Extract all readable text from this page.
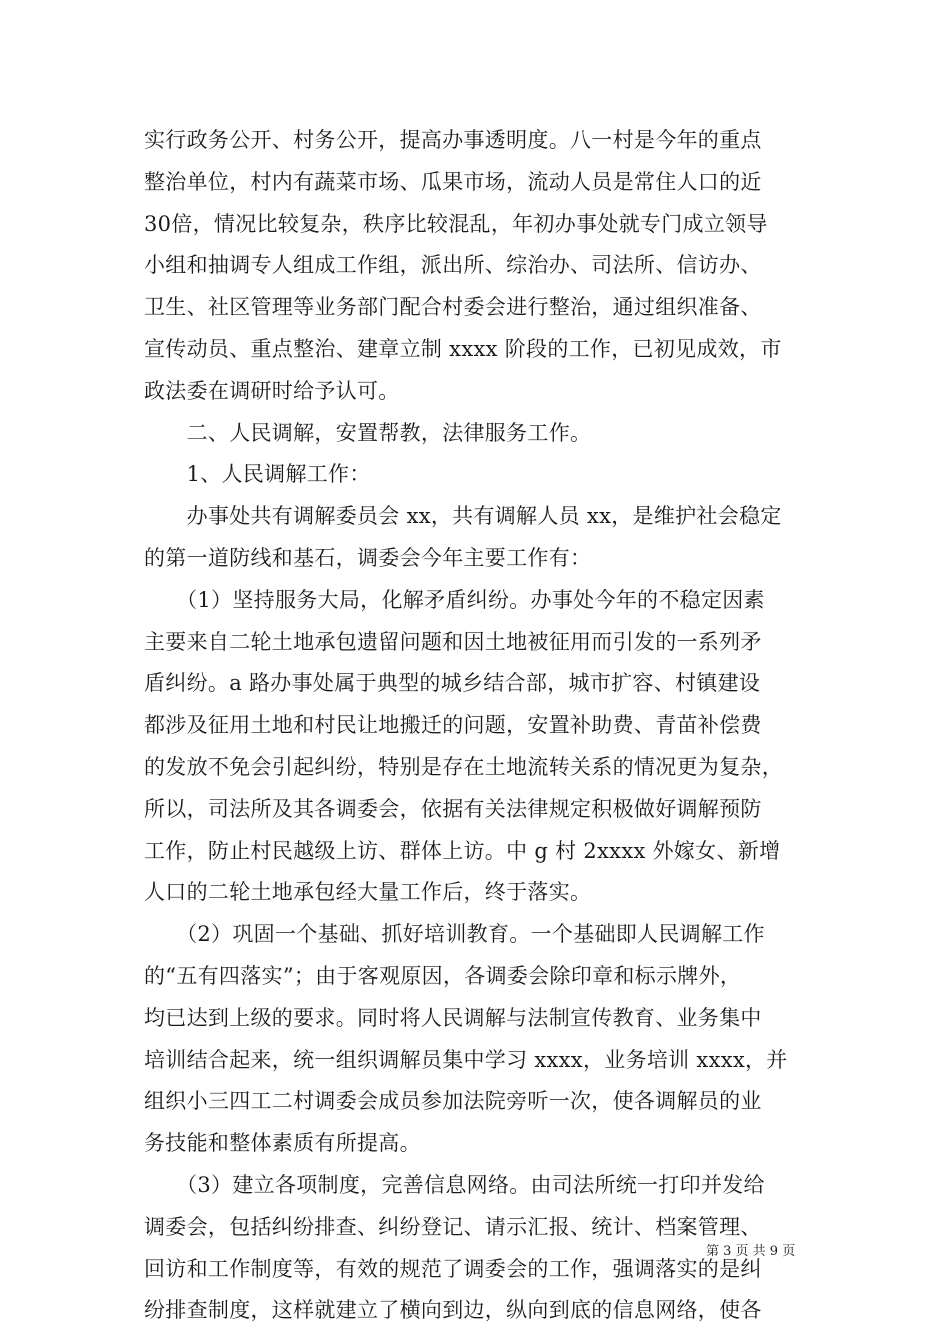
实行政务公开、村务公开，提高办事透明度。八一村是今年的重点
整治单位，村内有蔬菜市场、瓜果市场，流动人员是常住人口的近
30倍，情况比较复杂，秩序比较混乱，年初办事处就专门成立领导
小组和抽调专人组成工作组，派出所、综治办、司法所、信访办、
卫生、社区管理等业务部门配合村委会进行整治，通过组织准备、
宣传动员、重点整治、建章立制 xxxx 阶段的工作，已初见成效，市
政法委在调研时给予认可。
　　二、人民调解，安置帮教，法律服务工作。
　　1、人民调解工作：
　　办事处共有调解委员会 xx，共有调解人员 xx，是维护社会稳定
的第一道防线和基石，调委会今年主要工作有：
　　（1）坚持服务大局，化解矛盾纠纷。办事处今年的不稳定因素
主要来自二轮土地承包遗留问题和因土地被征用而引发的一系列矛
盾纠纷。a 路办事处属于典型的城乡结合部，城市扩容、村镇建设
都涉及征用土地和村民让地搬迁的问题，安置补助费、青苗补偿费
的发放不免会引起纠纷，特别是存在土地流转关系的情况更为复杂，
所以，司法所及其各调委会，依据有关法律规定积极做好调解预防
工作，防止村民越级上访、群体上访。中 g 村 2xxxx 外嫁女、新增
人口的二轮土地承包经大量工作后，终于落实。
　　（2）巩固一个基础、抓好培训教育。一个基础即人民调解工作
的“五有四落实”；由于客观原因，各调委会除印章和标示牌外，
均已达到上级的要求。同时将人民调解与法制宣传教育、业务集中
培训结合起来，统一组织调解员集中学习 xxxx，业务培训 xxxx，并
组织小三四工二村调委会成员参加法院旁听一次，使各调解员的业
务技能和整体素质有所提高。
　　（3）建立各项制度，完善信息网络。由司法所统一打印并发给
调委会，包括纠纷排查、纠纷登记、请示汇报、统计、档案管理、
回访和工作制度等，有效的规范了调委会的工作，强调落实的是纠
纷排查制度，这样就建立了横向到边，纵向到底的信息网络，使各
第 3 页 共 9 页
